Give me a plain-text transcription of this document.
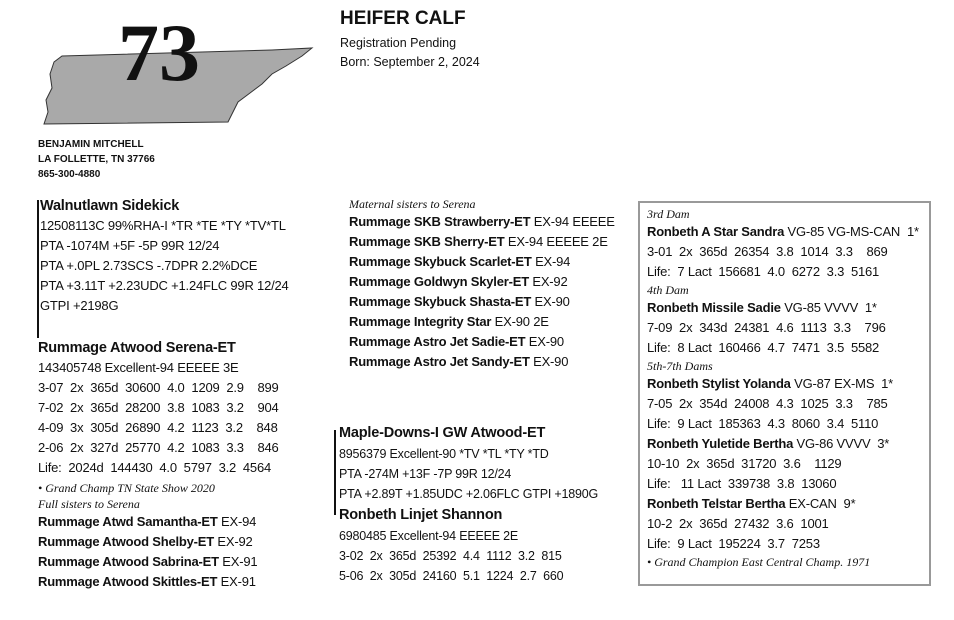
73	HEIFER CALF
Registration Pending
Born: September 2, 2024
BENJAMIN MITCHELL
LA FOLLETTE, TN 37766
865-300-4880
Walnutlawn Sidekick
12508113C 99%RHA-I *TR *TE *TY *TV*TL
PTA -1074M +5F -5P 99R 12/24
PTA +.0PL 2.73SCS -.7DPR 2.2%DCE
PTA +3.11T +2.23UDC +1.24FLC 99R 12/24
GTPI +2198G
Rummage Atwood Serena-ET
143405748 Excellent-94 EEEEE 3E
3-07  2x  365d  30600  4.0  1209  2.9    899
7-02  2x  365d  28200  3.8  1083  3.2    904
4-09  3x  305d  26890  4.2  1123  3.2    848
2-06  2x  327d  25770  4.2  1083  3.3    846
Life:  2024d  144430  4.0  5797  3.2  4564
• Grand Champ TN State Show 2020
Full sisters to Serena
Rummage Atwd Samantha-ET EX-94
Rummage Atwood Shelby-ET EX-92
Rummage Atwood Sabrina-ET EX-91
Rummage Atwood Skittles-ET EX-91
Maternal sisters to Serena
Rummage SKB Strawberry-ET EX-94 EEEEE
Rummage SKB Sherry-ET EX-94 EEEEE 2E
Rummage Skybuck Scarlet-ET EX-94
Rummage Goldwyn Skyler-ET EX-92
Rummage Skybuck Shasta-ET EX-90
Rummage Integrity Star EX-90 2E
Rummage Astro Jet Sadie-ET EX-90
Rummage Astro Jet Sandy-ET EX-90
Maple-Downs-I GW Atwood-ET
8956379 Excellent-90 *TV *TL *TY *TD
PTA -274M +13F -7P 99R 12/24
PTA +2.89T +1.85UDC +2.06FLC GTPI +1890G
Ronbeth Linjet Shannon
6980485 Excellent-94 EEEEE 2E
3-02  2x  365d  25392  4.4  1112  3.2  815
5-06  2x  305d  24160  5.1  1224  2.7  660
3rd Dam
Ronbeth A Star Sandra VG-85 VG-MS-CAN  1*
3-01  2x  365d  26354  3.8  1014  3.3    869
Life:  7 Lact  156681  4.0  6272  3.3  5161
4th Dam
Ronbeth Missile Sadie VG-85 VVVV  1*
7-09  2x  343d  24381  4.6  1113  3.3    796
Life:  8 Lact  160466  4.7  7471  3.5  5582
5th-7th Dams
Ronbeth Stylist Yolanda VG-87 EX-MS  1*
7-05  2x  354d  24008  4.3  1025  3.3    785
Life:  9 Lact  185363  4.3  8060  3.4  5110
Ronbeth Yuletide Bertha VG-86 VVVV  3*
10-10  2x  365d  31720  3.6    1129
Life:   11 Lact  339738  3.8  13060
Ronbeth Telstar Bertha EX-CAN  9*
10-2  2x  365d  27432  3.6  1001
Life:  9 Lact  195224  3.7  7253
• Grand Champion East Central Champ. 1971
